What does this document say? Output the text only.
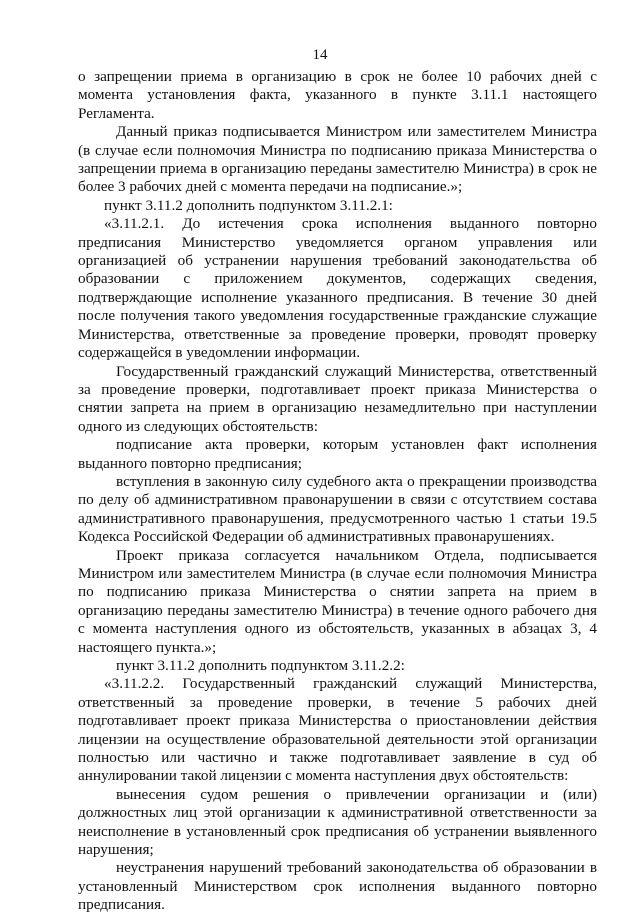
14

о запрещении приема в организацию в срок не более 10 рабочих дней с момента установления факта, указанного в пункте 3.11.1 настоящего Регламента.

Данный приказ подписывается Министром или заместителем Министра (в случае если полномочия Министра по подписанию приказа Министерства о запрещении приема в организацию переданы заместителю Министра) в срок не более 3 рабочих дней с момента передачи на подписание.»;

пункт 3.11.2 дополнить подпунктом 3.11.2.1:

«3.11.2.1. До истечения срока исполнения выданного повторно предписания Министерство уведомляется органом управления или организацией об устранении нарушения требований законодательства об образовании с приложением документов, содержащих сведения, подтверждающие исполнение указанного предписания. В течение 30 дней после получения такого уведомления государственные гражданские служащие Министерства, ответственные за проведение проверки, проводят проверку содержащейся в уведомлении информации.

Государственный гражданский служащий Министерства, ответственный за проведение проверки, подготавливает проект приказа Министерства о снятии запрета на прием в организацию незамедлительно при наступлении одного из следующих обстоятельств:

подписание акта проверки, которым установлен факт исполнения выданного повторно предписания;

вступления в законную силу судебного акта о прекращении производства по делу об административном правонарушении в связи с отсутствием состава административного правонарушения, предусмотренного частью 1 статьи 19.5 Кодекса Российской Федерации об административных правонарушениях.

Проект приказа согласуется начальником Отдела, подписывается Министром или заместителем Министра (в случае если полномочия Министра по подписанию приказа Министерства о снятии запрета на прием в организацию переданы заместителю Министра) в течение одного рабочего дня с момента наступления одного из обстоятельств, указанных в абзацах 3, 4 настоящего пункта.»;

пункт 3.11.2 дополнить подпунктом 3.11.2.2:

«3.11.2.2. Государственный гражданский служащий Министерства, ответственный за проведение проверки, в течение 5 рабочих дней подготавливает проект приказа Министерства о приостановлении действия лицензии на осуществление образовательной деятельности этой организации полностью или частично и также подготавливает заявление в суд об аннулировании такой лицензии с момента наступления двух обстоятельств:

вынесения судом решения о привлечении организации и (или) должностных лиц этой организации к административной ответственности за неисполнение в установленный срок предписания об устранении выявленного нарушения;

неустранения нарушений требований законодательства об образовании в установленный Министерством срок исполнения выданного повторно предписания.
